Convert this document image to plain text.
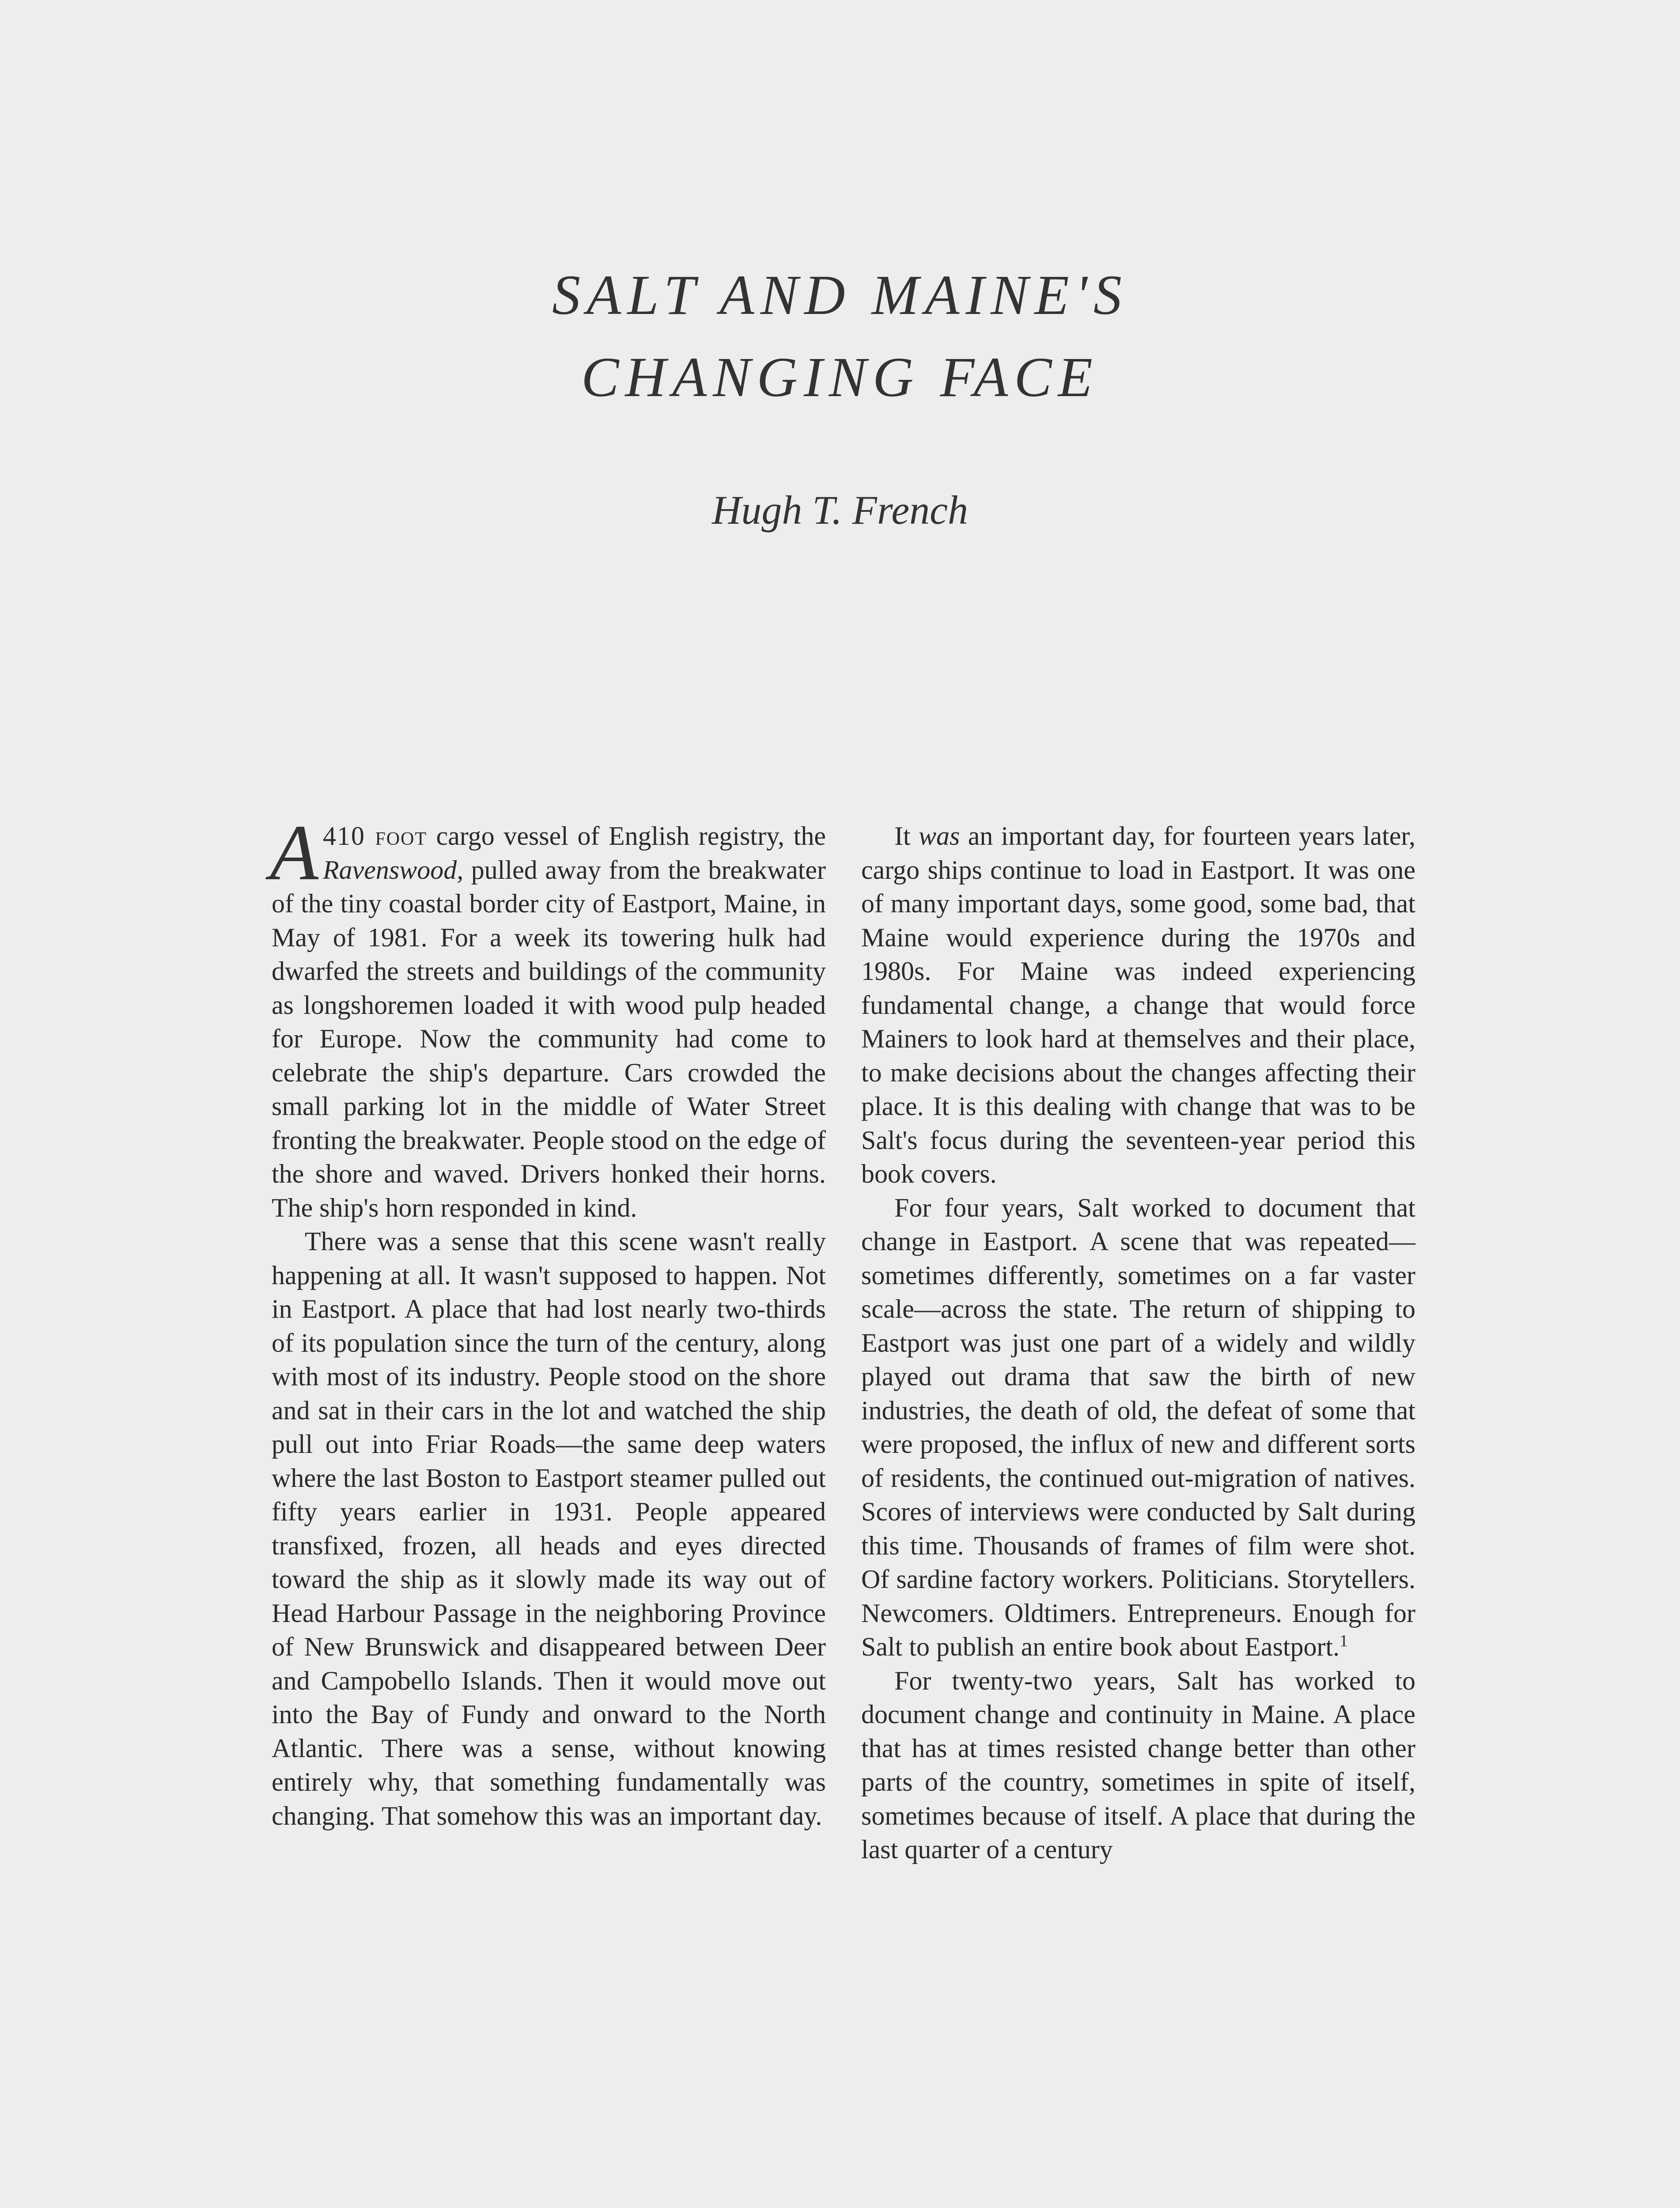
SALT AND MAINE'S
CHANGING FACE

Hugh T. French

A 410 foot cargo vessel of English registry, the Ravenswood, pulled away from the breakwater of the tiny coastal border city of Eastport, Maine, in May of 1981. For a week its towering hulk had dwarfed the streets and buildings of the community as longshoremen loaded it with wood pulp headed for Europe. Now the community had come to celebrate the ship's departure. Cars crowded the small parking lot in the middle of Water Street fronting the breakwater. People stood on the edge of the shore and waved. Drivers honked their horns. The ship's horn responded in kind.

There was a sense that this scene wasn't really happening at all. It wasn't supposed to happen. Not in Eastport. A place that had lost nearly two-thirds of its population since the turn of the century, along with most of its industry. People stood on the shore and sat in their cars in the lot and watched the ship pull out into Friar Roads—the same deep waters where the last Boston to Eastport steamer pulled out fifty years earlier in 1931. People appeared transfixed, frozen, all heads and eyes directed toward the ship as it slowly made its way out of Head Harbour Passage in the neighboring Province of New Brunswick and disappeared between Deer and Campobello Islands. Then it would move out into the Bay of Fundy and onward to the North Atlantic. There was a sense, without knowing entirely why, that something fundamentally was changing. That somehow this was an important day.

It was an important day, for fourteen years later, cargo ships continue to load in Eastport. It was one of many important days, some good, some bad, that Maine would experience during the 1970s and 1980s. For Maine was indeed experiencing fundamental change, a change that would force Mainers to look hard at themselves and their place, to make decisions about the changes affecting their place. It is this dealing with change that was to be Salt's focus during the seventeen-year period this book covers.

For four years, Salt worked to document that change in Eastport. A scene that was repeated—sometimes differently, sometimes on a far vaster scale—across the state. The return of shipping to Eastport was just one part of a widely and wildly played out drama that saw the birth of new industries, the death of old, the defeat of some that were proposed, the influx of new and different sorts of residents, the continued out-migration of natives. Scores of interviews were conducted by Salt during this time. Thousands of frames of film were shot. Of sardine factory workers. Politicians. Storytellers. Newcomers. Oldtimers. Entrepreneurs. Enough for Salt to publish an entire book about Eastport.$^1$

For twenty-two years, Salt has worked to document change and continuity in Maine. A place that has at times resisted change better than other parts of the country, sometimes in spite of itself, sometimes because of itself. A place that during the last quarter of a century
